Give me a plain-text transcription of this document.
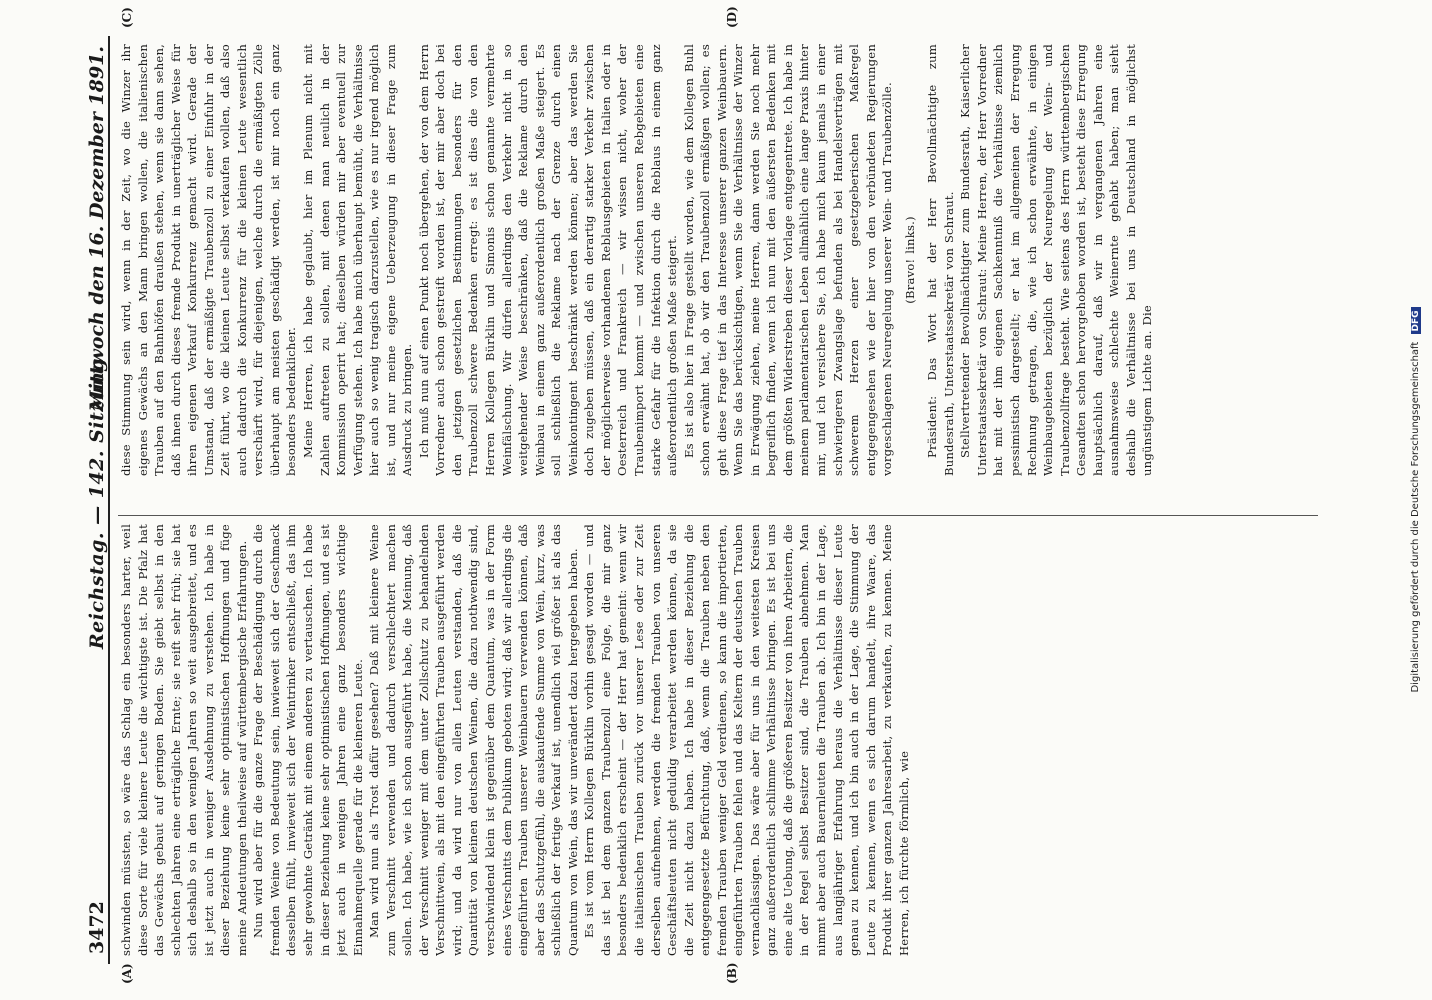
3472
Reichstag. — 142. Sitzung.
Mittwoch den 16. Dezember 1891.
(A)	(B)
(C)	(D)

schwinden müssten, so wäre das Schlag ein besonders harter, weil diese Sorte für viele kleinere Leute die wichtigste ist. Die Pfalz hat das Gewächs gebaut auf geringen Boden. Sie giebt selbst in den schlechten Jahren eine erträgliche Ernte; sie reift sehr früh; sie hat sich deshalb so in den wenigen Jahren so weit ausgebreitet, und es ist jetzt auch in weniger Ausdehnung zu verstehen. Ich habe in dieser Beziehung keine sehr optimistischen Hoffnungen und füge meine Andeutungen theilweise auf württembergische Erfahrungen. Nun wird aber für die ganze Frage der Beschädigung durch die fremden Weine von Bedeutung sein, inwieweit sich der Geschmack desselben fühlt, inwieweit sich der Weintrinker entschließt, das ihm sehr gewohnte Getränk mit einem anderen zu vertauschen. Ich habe in dieser Beziehung keine sehr optimistischen Hoffnungen, und es ist jetzt auch in wenigen Jahren eine ganz besonders wichtige Einnahmequelle gerade für die kleineren Leute. Man wird nun als Trost dafür gesehen? Daß mit kleinere Weine zum Verschnitt verwenden und dadurch verschlechtert machen sollen. Ich habe, wie ich schon ausgeführt habe, die Meinung, daß der Verschnitt weniger mit dem unter Zollschutz zu behandelnden Verschnittwein, als mit den eingeführten Trauben ausgeführt werden wird; und da wird nur von allen Leuten verstanden, daß die Quantität von kleinen deutschen Weinen, die dazu nothwendig sind, verschwindend klein ist gegenüber dem Quantum, was in der Form eines Verschnitts dem Publikum geboten wird; daß wir allerdings die eingeführten Trauben unserer Weinbauern verwenden können, daß aber das Schutzgefühl, die auskaufende Summe von Wein, kurz, was schließlich der fertige Verkauf ist, unendlich viel größer ist als das Quantum von Wein, das wir unverändert dazu hergegeben haben. Es ist vom Herrn Kollegen Bürklin vorhin gesagt worden — und das ist bei dem ganzen Traubenzoll eine Folge, die mir ganz besonders bedenklich erscheint — der Herr hat gemeint: wenn wir die italienischen Trauben zurück vor unserer Lese oder zur Zeit derselben aufnehmen, werden die fremden Trauben von unseren Geschäftsleuten nicht geduldig verarbeitet werden können, da sie die Zeit nicht dazu haben. Ich habe in dieser Beziehung die entgegengesetzte Befürchtung, daß, wenn die Trauben neben den fremden Trauben weniger Geld verdienen, so kann die importierten, eingeführten Trauben fehlen und das Keltern der deutschen Trauben vernachlässigen. Das wäre aber für uns in den weitesten Kreisen ganz außerordentlich schlimme Verhältnisse bringen. Es ist bei uns eine alte Uebung, daß die größeren Besitzer von ihren Arbeitern, die in der Regel selbst Besitzer sind, die Trauben abnehmen. Man nimmt aber auch Bauernleuten die Trauben ab. Ich bin in der Lage, aus langjähriger Erfahrung heraus die Verhältnisse dieser Leute genau zu kennen, und ich bin auch in der Lage, die Stimmung der Leute zu kennen, wenn es sich darum handelt, ihre Waare, das Produkt ihrer ganzen Jahresarbeit, zu verkaufen, zu kennen. Meine Herren, ich fürchte förmlich, wie

diese Stimmung sein wird, wenn in der Zeit, wo die Winzer ihr eigenes Gewächs an den Mann bringen wollen, die italienischen Trauben auf den Bahnhöfen draußen stehen, wenn sie dann sehen, daß ihnen durch dieses fremde Produkt in unerträglicher Weise für ihren eigenen Verkauf Konkurrenz gemacht wird. Gerade der Umstand, daß der ermäßigte Traubenzoll zu einer Einfuhr in der Zeit führt, wo die kleinen Leute selbst verkaufen wollen, daß also auch dadurch die Konkurrenz für die kleinen Leute wesentlich verschärft wird, für diejenigen, welche durch die ermäßigten Zölle überhaupt am meisten geschädigt werden, ist mir noch ein ganz besonders bedenklicher. Meine Herren, ich habe geglaubt, hier im Plenum nicht mit Zahlen auftreten zu sollen, mit denen man neulich in der Kommission operirt hat; dieselben würden mir aber eventuell zur Verfügung stehen. Ich habe mich überhaupt bemüht, die Verhältnisse hier auch so wenig tragisch darzustellen, wie es nur irgend möglich ist, und nur meine eigene Ueberzeugung in dieser Frage zum Ausdruck zu bringen. Ich muß nun auf einen Punkt noch übergehen, der von dem Herrn Vorredner auch schon gestreift worden ist, der mir aber doch bei den jetzigen gesetzlichen Bestimmungen besonders für den Traubenzoll schwere Bedenken erregt: es ist dies die von den Herren Kollegen Bürklin und Simonis schon genannte vermehrte Weinfälschung. Wir dürfen allerdings den Verkehr nicht in so weitgehender Weise beschränken, daß die Reklame durch den Weinbau in einem ganz außerordentlich großen Maße steigert. Es soll schließlich die Reklame nach der Grenze durch einen Weinkontingent beschränkt werden können; aber das werden Sie doch zugeben müssen, daß ein derartig starker Verkehr zwischen der möglicherweise vorhandenen Reblausgebieten in Italien oder in Oesterreich und Frankreich — wir wissen nicht, woher der Traubenimport kommt — und zwischen unseren Rebgebieten eine starke Gefahr für die Infektion durch die Reblaus in einem ganz außerordentlich großen Maße steigert. Es ist also hier in Frage gestellt worden, wie dem Kollegen Buhl schon erwähnt hat, ob wir den Traubenzoll ermäßigen wollen; es geht diese Frage tief in das Interesse unserer ganzen Weinbauern. Wenn Sie das berücksichtigen, wenn Sie die Verhältnisse der Winzer in Erwägung ziehen, meine Herren, dann werden Sie noch mehr begreiflich finden, wenn ich nun mit den äußersten Bedenken mit dem größten Widerstreben dieser Vorlage entgegentrete. Ich habe in meinem parlamentarischen Leben allmählich eine lange Praxis hinter mir, und ich versichere Sie, ich habe mich kaum jemals in einer schwierigeren Zwangslage befunden als bei Handelsverträgen mit schwerem Herzen einer gesetzgeberischen Maßregel entgegengesehen wie der hier von den verbündeten Regierungen vorgeschlagenen Neuregelung unserer Wein- und Traubenzölle. (Bravo! links.) Präsident: Das Wort hat der Herr Bevollmächtigte zum Bundesrath, Unterstaatssekretär von Schraut. Stellvertretender Bevollmächtigter zum Bundesrath, Kaiserlicher Unterstaatssekretär von Schraut: Meine Herren, der Herr Vorredner hat mit der ihm eigenen Sachkenntniß die Verhältnisse ziemlich pessimistisch dargestellt; er hat im allgemeinen der Erregung Rechnung getragen, die, wie ich schon erwähnte, in einigen Weinbaugebieten bezüglich der Neuregelung der Wein- und Traubenzollfrage besteht. Wie seitens des Herrn württembergischen Gesandten schon hervorgehoben worden ist, besteht diese Erregung hauptsächlich darauf, daß wir in vergangenen Jahren eine ausnahmsweise schlechte Weinernte gehabt haben; man sieht deshalb die Verhältnisse bei uns in Deutschland in möglichst ungünstigem Lichte an. Die	Digitalisierung gefördert durch die Deutsche Forschungsgemeinschaft DFG
